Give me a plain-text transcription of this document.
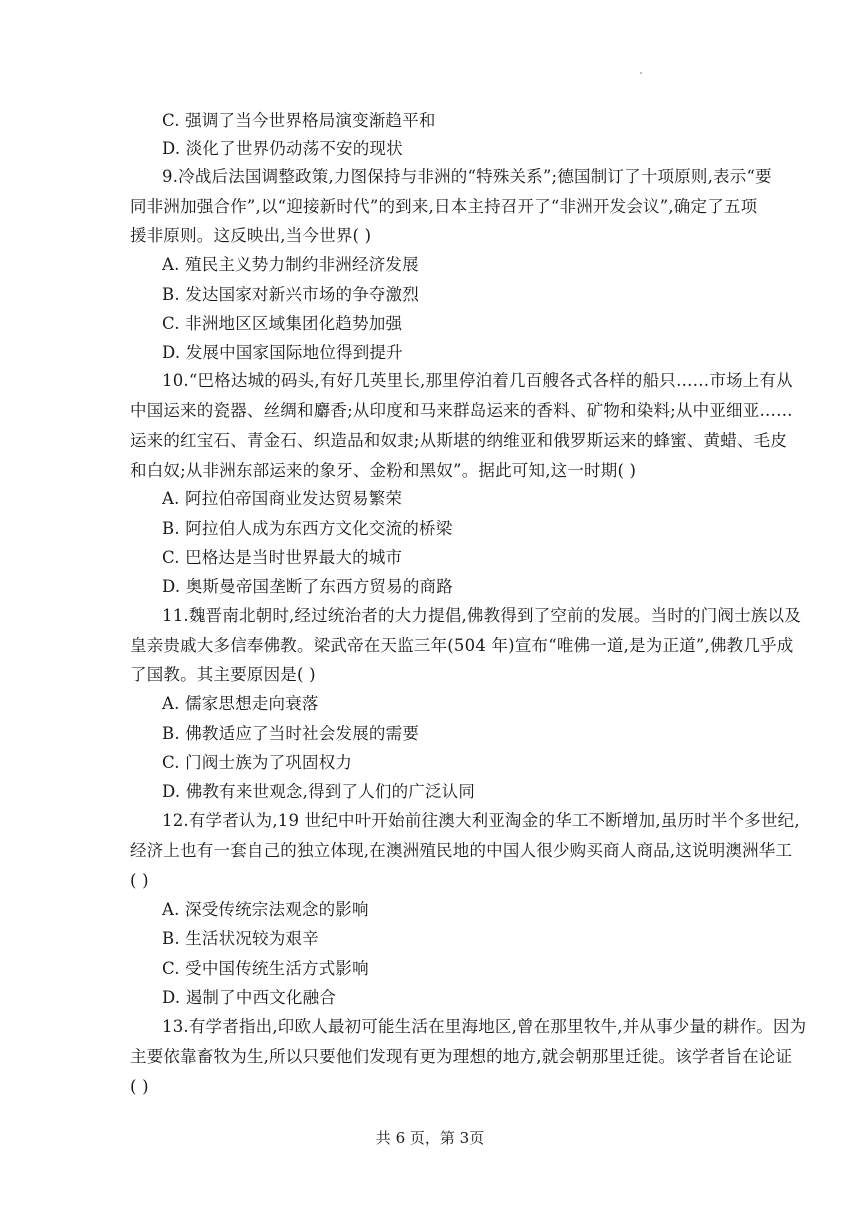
C. 强调了当今世界格局演变渐趋平和
D. 淡化了世界仍动荡不安的现状
9.冷战后法国调整政策,力图保持与非洲的“特殊关系”;德国制订了十项原则,表示“要
同非洲加强合作”,以“迎接新时代”的到来,日本主持召开了“非洲开发会议”,确定了五项
援非原则。这反映出,当今世界( )
A. 殖民主义势力制约非洲经济发展
B. 发达国家对新兴市场的争夺激烈
C. 非洲地区区域集团化趋势加强
D. 发展中国家国际地位得到提升
10.“巴格达城的码头,有好几英里长,那里停泊着几百艘各式各样的船只……市场上有从
中国运来的瓷器、丝绸和麝香;从印度和马来群岛运来的香料、矿物和染料;从中亚细亚……
运来的红宝石、青金石、织造品和奴隶;从斯堪的纳维亚和俄罗斯运来的蜂蜜、黄蜡、毛皮
和白奴;从非洲东部运来的象牙、金粉和黑奴”。据此可知,这一时期( )
A. 阿拉伯帝国商业发达贸易繁荣
B. 阿拉伯人成为东西方文化交流的桥梁
C. 巴格达是当时世界最大的城市
D. 奥斯曼帝国垄断了东西方贸易的商路
11.魏晋南北朝时,经过统治者的大力提倡,佛教得到了空前的发展。当时的门阀士族以及
皇亲贵戚大多信奉佛教。梁武帝在天监三年(504 年)宣布“唯佛一道,是为正道”,佛教几乎成
了国教。其主要原因是( )
A. 儒家思想走向衰落
B. 佛教适应了当时社会发展的需要
C. 门阀士族为了巩固权力
D. 佛教有来世观念,得到了人们的广泛认同
12.有学者认为,19 世纪中叶开始前往澳大利亚淘金的华工不断增加,虽历时半个多世纪,
经济上也有一套自己的独立体现,在澳洲殖民地的中国人很少购买商人商品,这说明澳洲华工
( )
A. 深受传统宗法观念的影响
B. 生活状况较为艰辛
C. 受中国传统生活方式影响
D. 遏制了中西文化融合
13.有学者指出,印欧人最初可能生活在里海地区,曾在那里牧牛,并从事少量的耕作。因为
主要依靠畜牧为生,所以只要他们发现有更为理想的地方,就会朝那里迁徙。该学者旨在论证
( )
共 6 页，第 3页
